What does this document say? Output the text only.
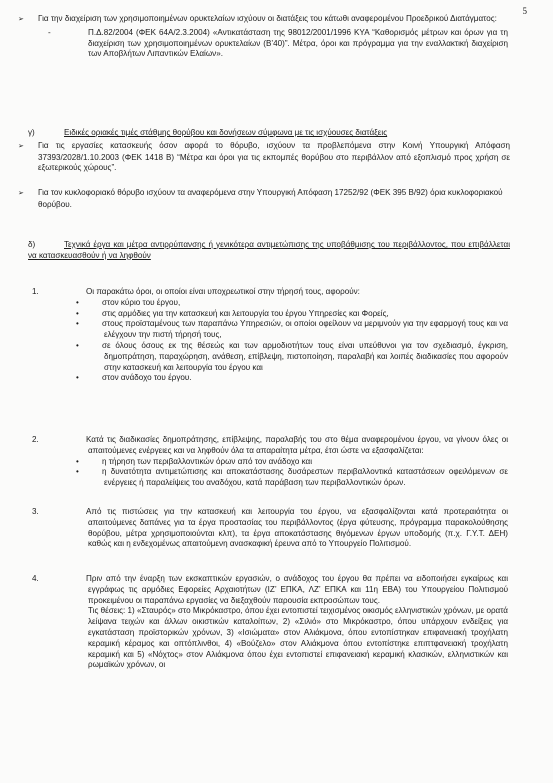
5

➢ Για την διαχείριση των χρησιμοποιημένων ορυκτελαίων ισχύουν οι διατάξεις του κάτωθι αναφερομένου Προεδρικού Διατάγματος:

-	Π.Δ.82/2004 (ΦΕΚ 64Α/2.3.2004) «Αντικατάσταση της 98012/2001/1996 ΚΥΑ “Καθορισμός μέτρων και όρων για τη διαχείριση των χρησιμοποιημένων ορυκτελαίων (Β’40)”. Μέτρα, όροι και πρόγραμμα για την εναλλακτική διαχείριση των Αποβλήτων Λιπαντικών Ελαίων».

γ)	Ειδικές οριακές τιμές στάθμης θορύβου και δονήσεων σύμφωνα με τις ισχύουσες διατάξεις

➢ Για τις εργασίες κατασκευής όσον αφορά το θόρυβο, ισχύουν τα προβλεπόμενα στην Κοινή Υπουργική Απόφαση 37393/2028/1.10.2003 (ΦΕΚ 1418 Β) “Μέτρα και όροι για τις εκπομπές θορύβου στο περιβάλλον από εξοπλισμό προς χρήση σε εξωτερικούς χώρους”.

➢ Για τον κυκλοφοριακό θόρυβο ισχύουν τα αναφερόμενα στην Υπουργική Απόφαση 17252/92 (ΦΕΚ 395 Β/92) όρια κυκλοφοριακού θορύβου.

δ)	Τεχνικά έργα και μέτρα αντιρρύπανσης ή γενικότερα αντιμετώπισης της υποβάθμισης του περιβάλλοντος, που επιβάλλεται να κατασκευασθούν ή να ληφθούν

1.	Οι παρακάτω όροι, οι οποίοι είναι υποχρεωτικοί στην τήρησή τους, αφορούν:

•	στον κύριο του έργου,

•	στις αρμόδιες για την κατασκευή και λειτουργία του έργου Υπηρεσίες και Φορείς,

•	στους προϊσταμένους των παραπάνω Υπηρεσιών, οι οποίοι οφείλουν να μεριμνούν για την εφαρμογή τους και να ελέγχουν την πιστή τήρησή τους,

•	σε όλους όσους εκ της θέσεώς και των αρμοδιοτήτων τους είναι υπεύθυνοι για τον σχεδιασμό, έγκριση, δημοπράτηση, παραχώρηση, ανάθεση, επίβλεψη, πιστοποίηση, παραλαβή και λοιπές διαδικασίες που αφορούν στην κατασκευή και λειτουργία του έργου και

•	στον ανάδοχο του έργου.

2.	Κατά τις διαδικασίες δημοπράτησης, επίβλεψης, παραλαβής του στο θέμα αναφερομένου έργου, να γίνουν όλες οι απαιτούμενες ενέργειες και να ληφθούν όλα τα απαραίτητα μέτρα, έτσι ώστε να εξασφαλίζεται:

•	η τήρηση των περιβαλλοντικών όρων από τον ανάδοχο και

•	η δυνατότητα αντιμετώπισης και αποκατάστασης δυσάρεστων περιβαλλοντικά καταστάσεων οφειλόμενων σε ενέργειες ή παραλείψεις του αναδόχου, κατά παράβαση των περιβαλλοντικών όρων.

3.	Από τις πιστώσεις για την κατασκευή και λειτουργία του έργου, να εξασφαλίζονται κατά προτεραιότητα οι απαιτούμενες δαπάνες για τα έργα προστασίας του περιβάλλοντος (έργα φύτευσης, πρόγραμμα παρακολούθησης θορύβου, μέτρα χρησιμοποιούνται κλπ), τα έργα αποκατάστασης θιγόμενων έργων υποδομής (π.χ. Γ.Υ.Τ. ΔΕΗ) καθώς και η ενδεχομένως απαιτούμενη ανασκαφική έρευνα από το Υπουργείο Πολιτισμού.

4.	Πριν από την έναρξη των εκσκαπτικών εργασιών, ο ανάδοχος του έργου θα πρέπει να ειδοποιήσει εγκαίρως και εγγράφως τις αρμόδιες Εφορείες Αρχαιοτήτων (ΙΖ’ ΕΠΚΑ, ΛΖ’ ΕΠΚΑ και 11η ΕΒΑ) του Υπουργείου Πολιτισμού προκειμένου οι παραπάνω εργασίες να διεξαχθούν παρουσία εκπροσώπων τους.

Τις θέσεις: 1) «Σταυρός» στο Μικρόκαστρο, όπου έχει εντοπιστεί τειχισμένος οικισμός ελληνιστικών χρόνων, με ορατά λείψανα τειχών και άλλων οικιστικών καταλοίπων, 2) «Σιλιό» στο Μικρόκαστρο, όπου υπάρχουν ενδείξεις για εγκατάσταση προϊστορικών χρόνων, 3) «Ισιώματα» στον Αλιάκμονα, όπου εντοπίστηκαν επιφανειακή τροχήλατη κεραμική κέραμος και οπτόπλινθοι, 4) «Βούζελο» στον Αλιάκμονα όπου εντοπίστηκε επιπτφανειακή τροχήλατη κεραμική και 5) «Νόχτος» στον Αλιάκμονα όπου έχει εντοπιστεί επιφανειακή κεραμική κλασικών, ελληνιστικών και ρωμαϊκών χρόνων, οι
